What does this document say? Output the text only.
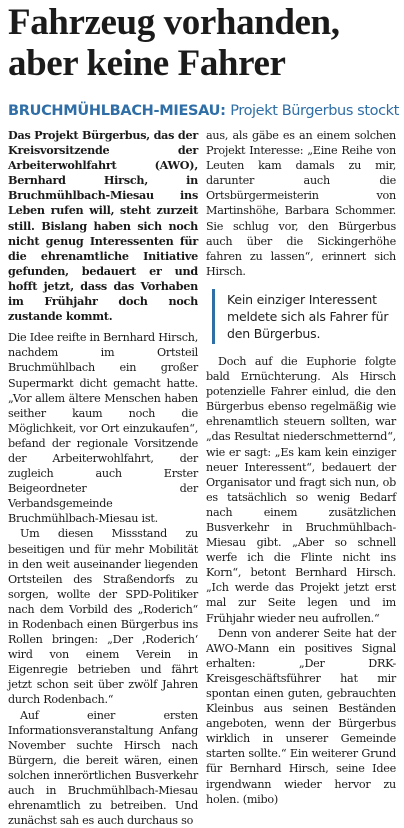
Fahrzeug vorhanden,
aber keine Fahrer
BRUCHMÜHLBACH-MIESAU: Projekt Bürgerbus stockt

Das Projekt Bürgerbus, das der Kreisvorsitzende der Arbeiterwohlfahrt (AWO), Bernhard Hirsch, in Bruchmühlbach-Miesau ins Leben rufen will, steht zurzeit still. Bislang haben sich noch nicht genug Interessenten für die ehrenamtliche Initiative gefunden, bedauert er und hofft jetzt, dass das Vorhaben im Frühjahr doch noch zustande kommt.

Die Idee reifte in Bernhard Hirsch, nachdem im Ortsteil Bruchmühlbach ein großer Supermarkt dicht gemacht hatte. „Vor allem ältere Menschen haben seither kaum noch die Möglichkeit, vor Ort einzukaufen“, befand der regionale Vorsitzende der Arbeiterwohlfahrt, der zugleich auch Erster Beigeordneter der Verbandsgemeinde Bruchmühlbach-Miesau ist.

Um diesen Missstand zu beseitigen und für mehr Mobilität in den weit auseinander liegenden Ortsteilen des Straßendorfs zu sorgen, wollte der SPD-Politiker nach dem Vorbild des „Roderich“ in Rodenbach einen Bürgerbus ins Rollen bringen: „Der ‚Roderich‘ wird von einem Verein in Eigenregie betrieben und fährt jetzt schon seit über zwölf Jahren durch Rodenbach.“

Auf einer ersten Informationsveranstaltung Anfang November suchte Hirsch nach Bürgern, die bereit wären, einen solchen innerörtlichen Busverkehr auch in Bruchmühlbach-Miesau ehrenamtlich zu betreiben. Und zunächst sah es auch durchaus so

aus, als gäbe es an einem solchen Projekt Interesse: „Eine Reihe von Leuten kam damals zu mir, darunter auch die Ortsbürgermeisterin von Martinshöhe, Barbara Schommer. Sie schlug vor, den Bürgerbus auch über die Sickingerhöhe fahren zu lassen“, erinnert sich Hirsch.

Kein einziger Interessent meldete sich als Fahrer für den Bürgerbus.

Doch auf die Euphorie folgte bald Ernüchterung. Als Hirsch potenzielle Fahrer einlud, die den Bürgerbus ebenso regelmäßig wie ehrenamtlich steuern sollten, war „das Resultat niederschmetternd“, wie er sagt: „Es kam kein einziger neuer Interessent“, bedauert der Organisator und fragt sich nun, ob es tatsächlich so wenig Bedarf nach einem zusätzlichen Busverkehr in Bruchmühlbach-Miesau gibt. „Aber so schnell werfe ich die Flinte nicht ins Korn“, betont Bernhard Hirsch. „Ich werde das Projekt jetzt erst mal zur Seite legen und im Frühjahr wieder neu aufrollen.“

Denn von anderer Seite hat der AWO-Mann ein positives Signal erhalten: „Der DRK-Kreisgeschäftsführer hat mir spontan einen guten, gebrauchten Kleinbus aus seinen Beständen angeboten, wenn der Bürgerbus wirklich in unserer Gemeinde starten sollte.“ Ein weiterer Grund für Bernhard Hirsch, seine Idee irgendwann wieder hervor zu holen. (mibo)
